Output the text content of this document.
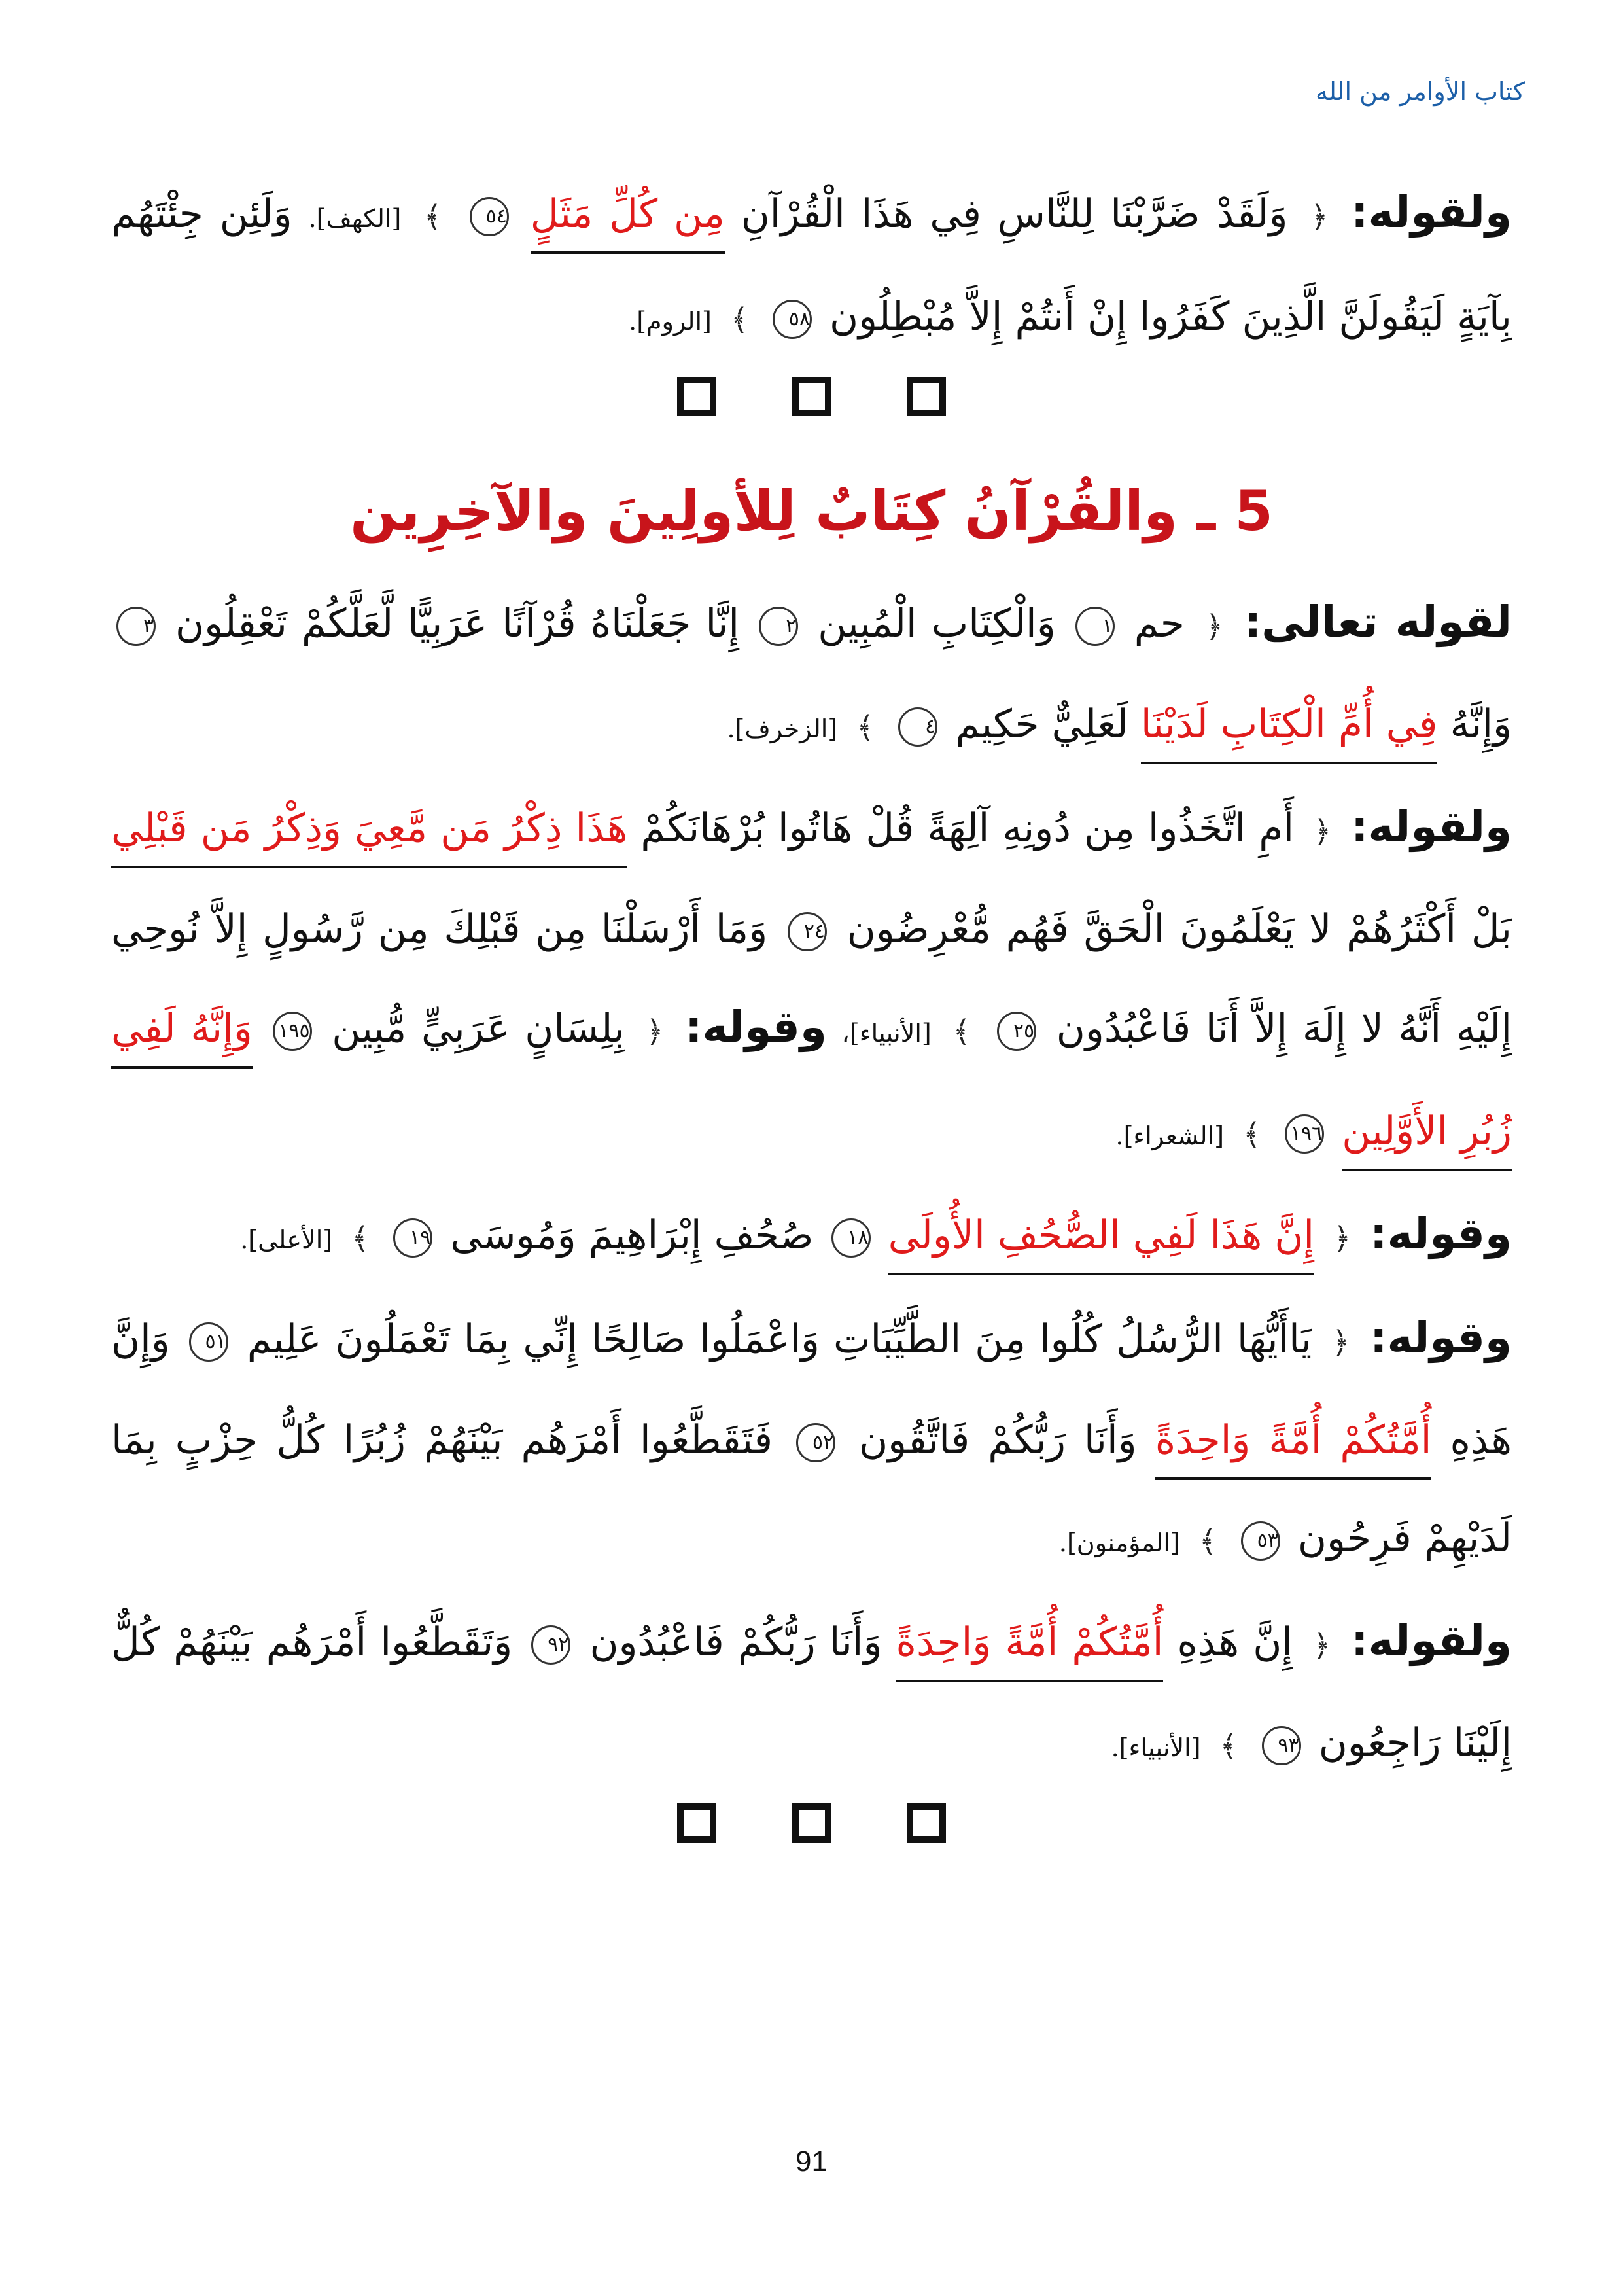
كتاب الأوامر من الله

ولقوله: ﴿ وَلَقَدْ ضَرَّبْنَا لِلنَّاسِ فِي هَذَا الْقُرْآنِ مِن كُلِّ مَثَلٍ ٥٤ ﴾ [الكهف]. وَلَئِن جِئْتَهُم بِآيَةٍ لَيَقُولَنَّ الَّذِينَ كَفَرُوا إِنْ أَنتُمْ إِلاَّ مُبْطِلُون ٥٨ ﴾ [الروم].

5 ـ والقُرْآنُ كِتَابٌ لِلأولِينَ والآخِرِين

لقوله تعالى: ﴿ حم ١ وَالْكِتَابِ الْمُبِين ٢ إِنَّا جَعَلْنَاهُ قُرْآنًا عَرَبِيًّا لَّعَلَّكُمْ تَعْقِلُون ٣ وَإِنَّهُ فِي أُمِّ الْكِتَابِ لَدَيْنَا لَعَلِيٌّ حَكِيم ٤ ﴾ [الزخرف].

ولقوله: ﴿ أَمِ اتَّخَذُوا مِن دُونِهِ آلِهَةً قُلْ هَاتُوا بُرْهَانَكُمْ هَذَا ذِكْرُ مَن مَّعِيَ وَذِكْرُ مَن قَبْلِي بَلْ أَكْثَرُهُمْ لا يَعْلَمُونَ الْحَقَّ فَهُم مُّعْرِضُون ٢٤ وَمَا أَرْسَلْنَا مِن قَبْلِكَ مِن رَّسُولٍ إِلاَّ نُوحِي إِلَيْهِ أَنَّهُ لا إِلَهَ إِلاَّ أَنَا فَاعْبُدُون ٢٥ ﴾ [الأنبياء]، وقوله: ﴿ بِلِسَانٍ عَرَبِيٍّ مُّبِين ١٩٥ وَإِنَّهُ لَفِي زُبُرِ الأَوَّلِين ١٩٦ ﴾ [الشعراء].

وقوله: ﴿ إِنَّ هَذَا لَفِي الصُّحُفِ الأُولَى ١٨ صُحُفِ إِبْرَاهِيمَ وَمُوسَى ١٩ ﴾ [الأعلى].

وقوله: ﴿ يَاأَيُّهَا الرُّسُلُ كُلُوا مِنَ الطَّيِّبَاتِ وَاعْمَلُوا صَالِحًا إِنِّي بِمَا تَعْمَلُونَ عَلِيم ٥١ وَإِنَّ هَذِهِ أُمَّتُكُمْ أُمَّةً وَاحِدَةً وَأَنَا رَبُّكُمْ فَاتَّقُون ٥٢ فَتَقَطَّعُوا أَمْرَهُم بَيْنَهُمْ زُبُرًا كُلُّ حِزْبٍ بِمَا لَدَيْهِمْ فَرِحُون ٥٣ ﴾ [المؤمنون].

ولقوله: ﴿ إِنَّ هَذِهِ أُمَّتُكُمْ أُمَّةً وَاحِدَةً وَأَنَا رَبُّكُمْ فَاعْبُدُون ٩٢ وَتَقَطَّعُوا أَمْرَهُم بَيْنَهُمْ كُلٌّ إِلَيْنَا رَاجِعُون ٩٣ ﴾ [الأنبياء].

91
